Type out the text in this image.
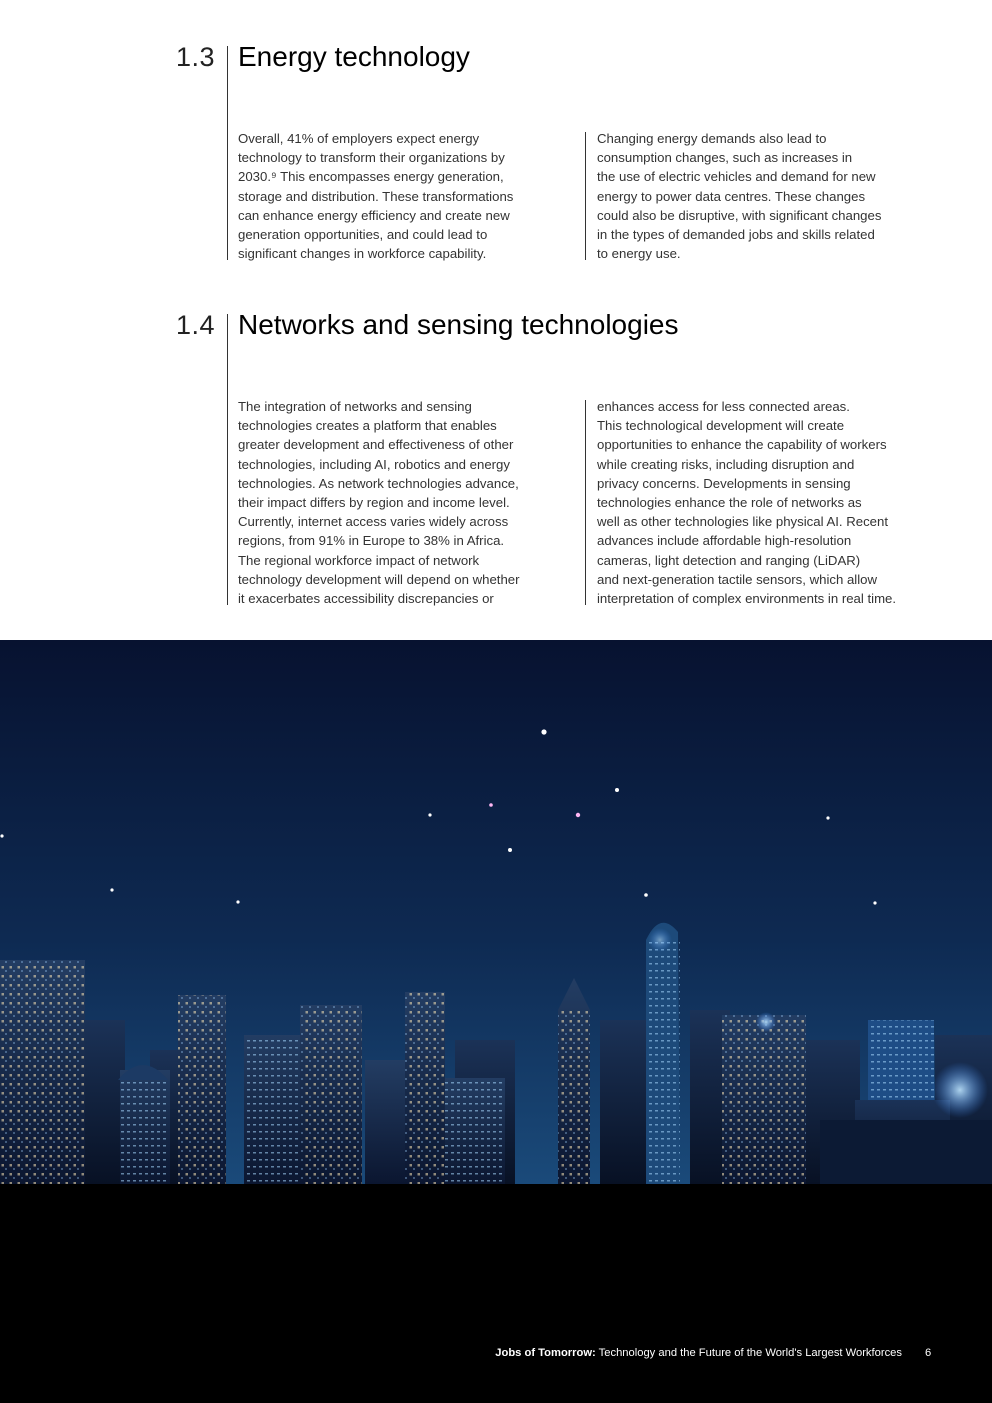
1.3 Energy technology

Overall, 41% of employers expect energy
technology to transform their organizations by
2030.⁹ This encompasses energy generation,
storage and distribution. These transformations
can enhance energy efficiency and create new
generation opportunities, and could lead to
significant changes in workforce capability.

Changing energy demands also lead to
consumption changes, such as increases in
the use of electric vehicles and demand for new
energy to power data centres. These changes
could also be disruptive, with significant changes
in the types of demanded jobs and skills related
to energy use.

1.4 Networks and sensing technologies

The integration of networks and sensing
technologies creates a platform that enables
greater development and effectiveness of other
technologies, including AI, robotics and energy
technologies. As network technologies advance,
their impact differs by region and income level.
Currently, internet access varies widely across
regions, from 91% in Europe to 38% in Africa.
The regional workforce impact of network
technology development will depend on whether
it exacerbates accessibility discrepancies or

enhances access for less connected areas.
This technological development will create
opportunities to enhance the capability of workers
while creating risks, including disruption and
privacy concerns. Developments in sensing
technologies enhance the role of networks as
well as other technologies like physical AI. Recent
advances include affordable high-resolution
cameras, light detection and ranging (LiDAR)
and next-generation tactile sensors, which allow
interpretation of complex environments in real time.

Jobs of Tomorrow: Technology and the Future of the World's Largest Workforces 6
